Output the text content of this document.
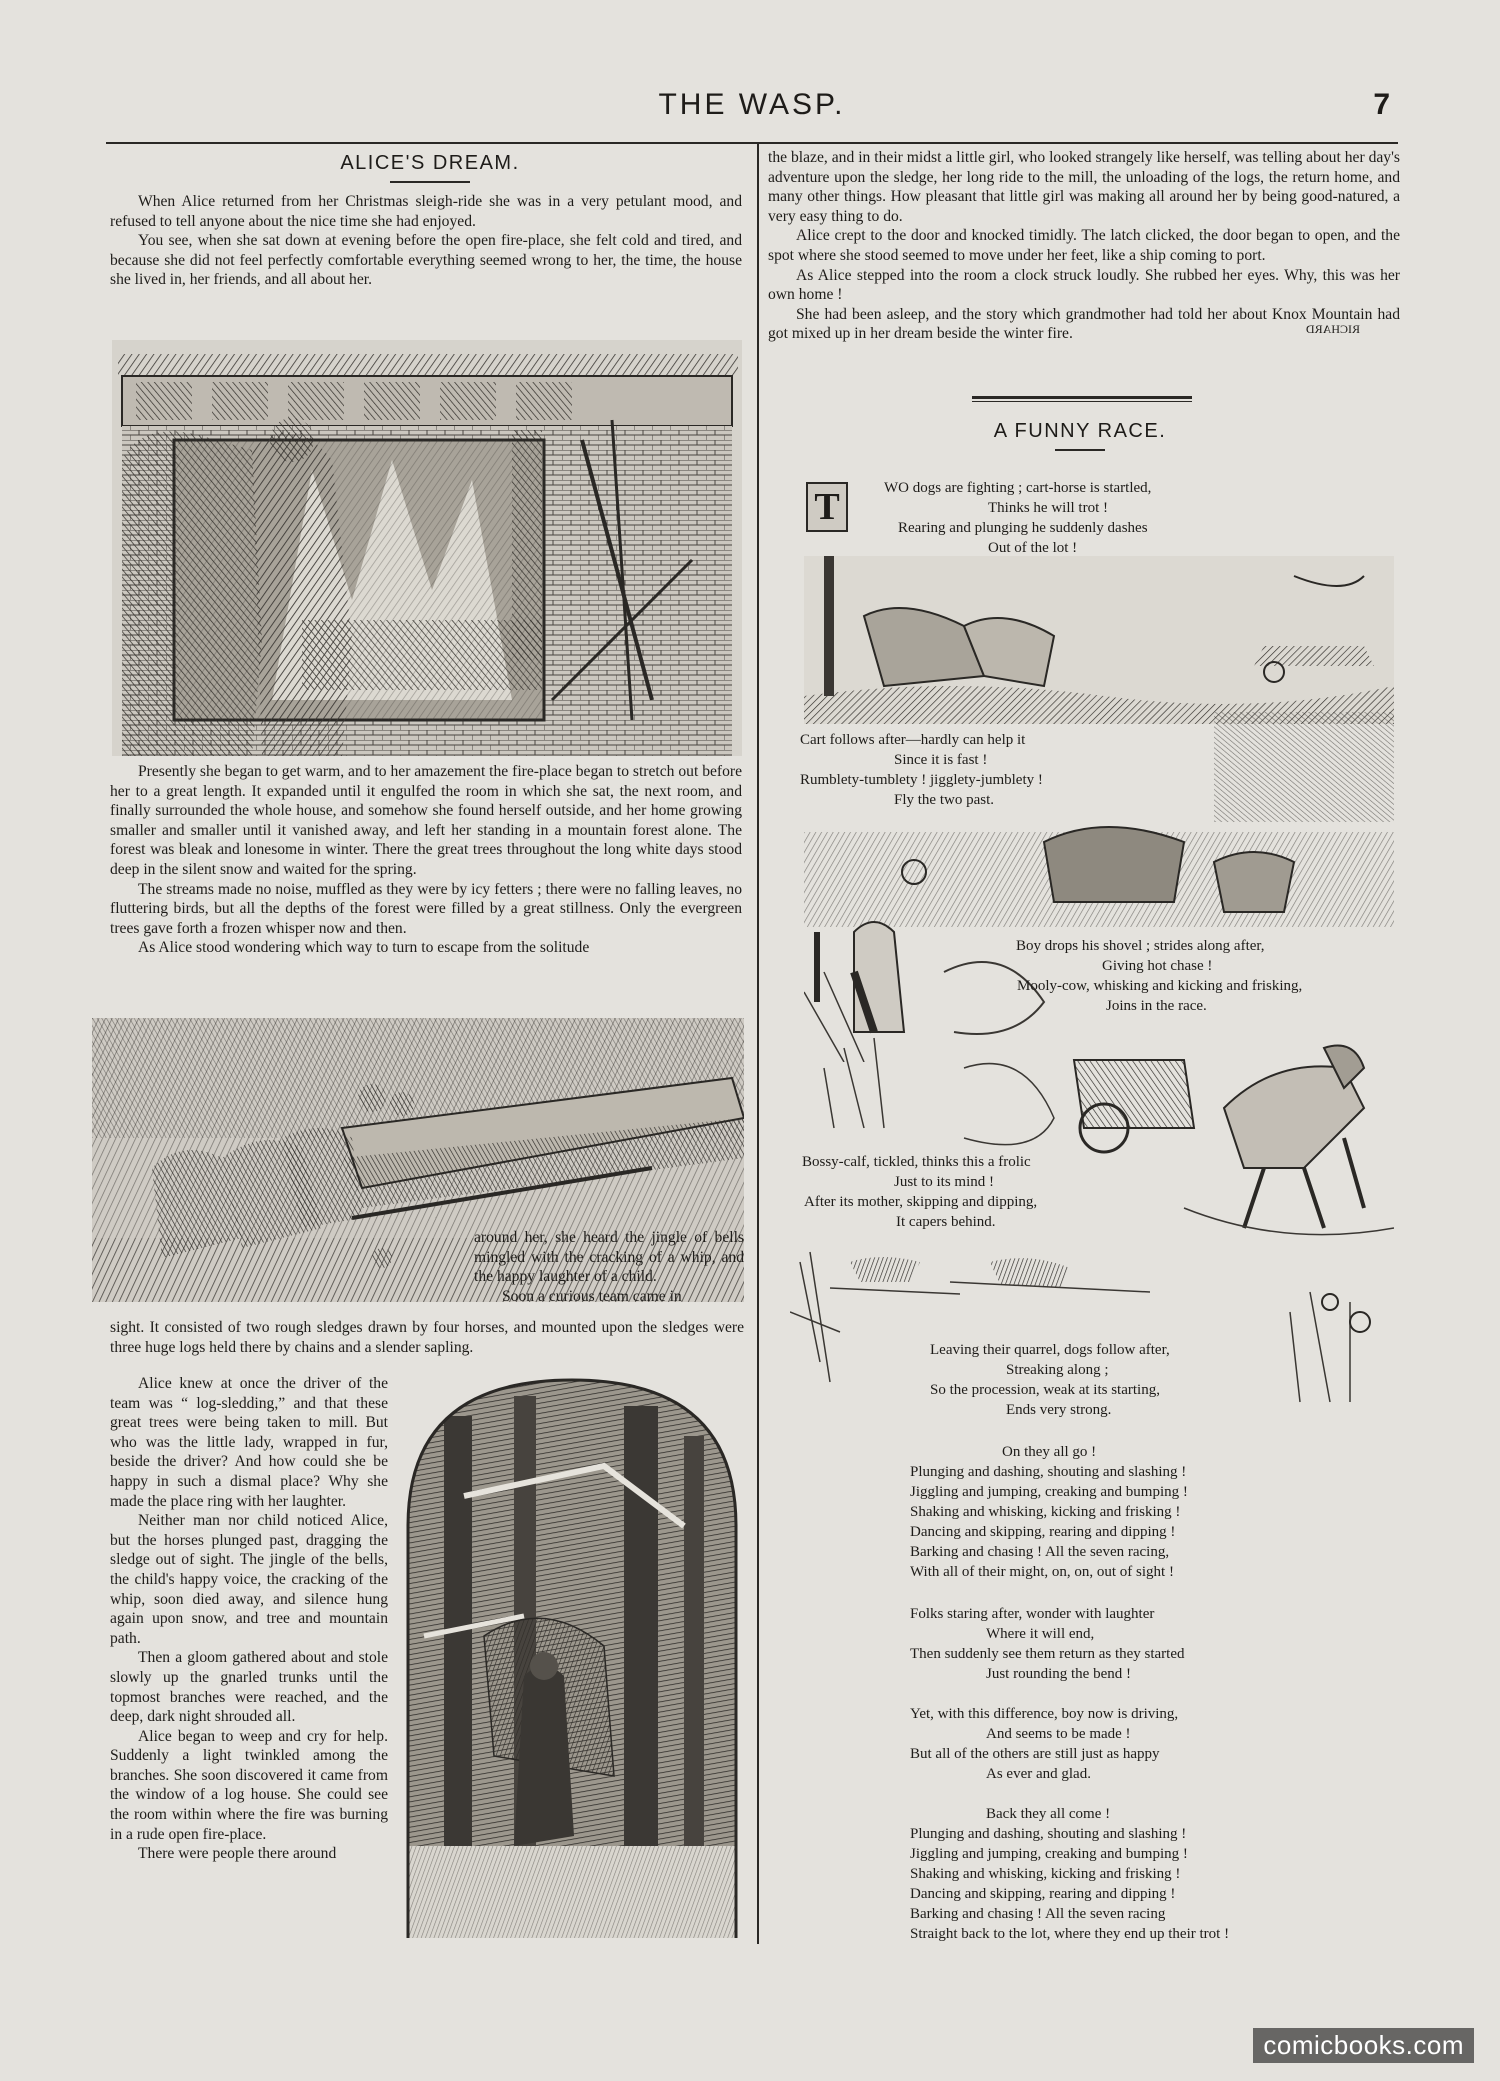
THE WASP.	7
ALICE'S DREAM.

When Alice returned from her Christmas sleigh-ride she was in a very petulant mood, and refused to tell anyone about the nice time she had enjoyed.

You see, when she sat down at evening before the open fire-place, she felt cold and tired, and because she did not feel perfectly comfortable everything seemed wrong to her, the time, the house she lived in, her friends, and all about her.

Presently she began to get warm, and to her amazement the fire-place began to stretch out before her to a great length. It expanded until it engulfed the room in which she sat, the next room, and finally surrounded the whole house, and somehow she found herself outside, and her home growing smaller and smaller until it vanished away, and left her standing in a mountain forest alone. The forest was bleak and lonesome in winter. There the great trees throughout the long white days stood deep in the silent snow and waited for the spring.

The streams made no noise, muffled as they were by icy fetters ; there were no falling leaves, no fluttering birds, but all the depths of the forest were filled by a great stillness. Only the evergreen trees gave forth a frozen whisper now and then.

As Alice stood wondering which way to turn to escape from the solitude

around her, she heard the jingle of bells mingled with the cracking of a whip, and the happy laughter of a child.

Soon a curious team came in

sight. It consisted of two rough sledges drawn by four horses, and mounted upon the sledges were three huge logs held there by chains and a slender sapling.

Alice knew at once the driver of the team was “ log-sledding,” and that these great trees were being taken to mill. But who was the little lady, wrapped in fur, beside the driver? And how could she be happy in such a dismal place? Why she made the place ring with her laughter.

Neither man nor child noticed Alice, but the horses plunged past, dragging the sledge out of sight. The jingle of the bells, the child's happy voice, the cracking of the whip, soon died away, and silence hung again upon snow, and tree and mountain path.

Then a gloom gathered about and stole slowly up the gnarled trunks until the topmost branches were reached, and the deep, dark night shrouded all.

Alice began to weep and cry for help. Suddenly a light twinkled among the branches. She soon discovered it came from the window of a log house. She could see the room within where the fire was burning in a rude open fire-place.

There were people there around

the blaze, and in their midst a little girl, who looked strangely like herself, was telling about her day's adventure upon the sledge, her long ride to the mill, the unloading of the logs, the return home, and many other things. How pleasant that little girl was making all around her by being good-natured, a very easy thing to do.

Alice crept to the door and knocked timidly. The latch clicked, the door began to open, and the spot where she stood seemed to move under her feet, like a ship coming to port.

As Alice stepped into the room a clock struck loudly. She rubbed her eyes. Why, this was her own home !

She had been asleep, and the story which grandmother had told her about Knox Mountain had got mixed up in her dream beside the winter fire.	RICHARD
A FUNNY RACE.
T	WO dogs are fighting ; cart-horse is startled,
Thinks he will trot !
Rearing and plunging he suddenly dashes
Out of the lot !
Cart follows after—hardly can help it
Since it is fast !
Rumblety-tumblety ! jigglety-jumblety !
Fly the two past.
Boy drops his shovel ; strides along after,
Giving hot chase !
Mooly-cow, whisking and kicking and frisking,
Joins in the race.
Bossy-calf, tickled, thinks this a frolic
Just to its mind !
After its mother, skipping and dipping,
It capers behind.
Leaving their quarrel, dogs follow after,
Streaking along ;
So the procession, weak at its starting,
Ends very strong.
On they all go !
Plunging and dashing, shouting and slashing !
Jiggling and jumping, creaking and bumping !
Shaking and whisking, kicking and frisking !
Dancing and skipping, rearing and dipping !
Barking and chasing ! All the seven racing,
With all of their might, on, on, out of sight !
Folks staring after, wonder with laughter
Where it will end,
Then suddenly see them return as they started
Just rounding the bend !
Yet, with this difference, boy now is driving,
And seems to be made !
But all of the others are still just as happy
As ever and glad.
Back they all come !
Plunging and dashing, shouting and slashing !
Jiggling and jumping, creaking and bumping !
Shaking and whisking, kicking and frisking !
Dancing and skipping, rearing and dipping !
Barking and chasing ! All the seven racing
Straight back to the lot, where they end up their trot !
comicbooks.com
